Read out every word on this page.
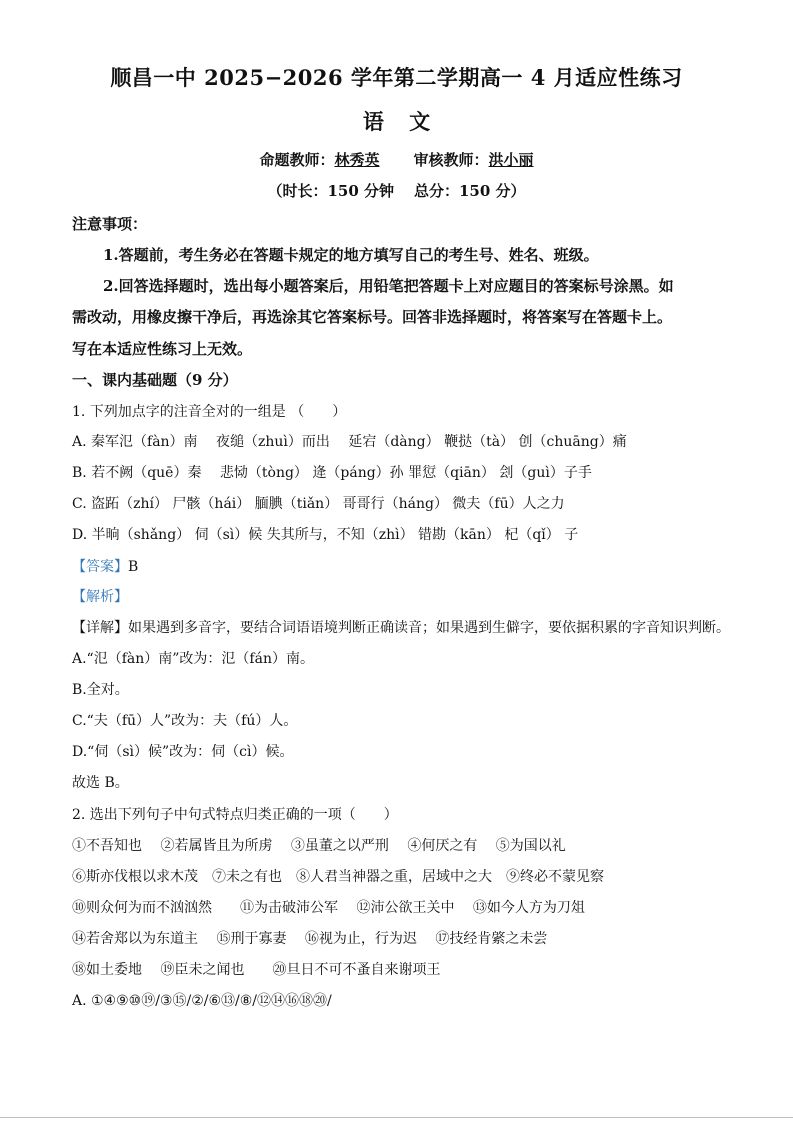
顺昌一中 2025−2026 学年第二学期高一 4 月适应性练习
语 文
命题教师：林秀英 审核教师：洪小丽
（时长：150 分钟 总分：150 分）
注意事项：
1.答题前，考生务必在答题卡规定的地方填写自己的考生号、姓名、班级。
2.回答选择题时，选出每小题答案后，用铅笔把答题卡上对应题目的答案标号涂黑。如
需改动，用橡皮擦干净后，再选涂其它答案标号。回答非选择题时，将答案写在答题卡上。
写在本适应性练习上无效。
一、课内基础题（9 分）
1. 下列加点字的注音全对的一组是 （　　）
A. 秦军氾（fàn）南　 夜缒（zhuì）而出　 延宕（dàng） 鞭挞（tà） 创（chuāng）痛
B. 若不阙（quē）秦　 悲恸（tòng） 逄（páng）孙 罪愆（qiān） 刽（guì）子手
C. 盗跖（zhí） 尸骸（hái） 腼腆（tiǎn） 哥哥行（háng） 微夫（fū）人之力
D. 半晌（shǎng） 伺（sì）候 失其所与，不知（zhì） 错勘（kān） 杞（qǐ） 子
【答案】B
【解析】
【详解】如果遇到多音字，要结合词语语境判断正确读音；如果遇到生僻字，要依据积累的字音知识判断。
A.“氾（fàn）南”改为：氾（fán）南。
B.全对。
C.“夫（fū）人”改为：夫（fú）人。
D.“伺（sì）候”改为：伺（cì）候。
故选 B。
2. 选出下列句子中句式特点归类正确的一项（　　）
①不吾知也　 ②若属皆且为所虏　 ③虽董之以严刑　 ④何厌之有　 ⑤为国以礼
⑥斯亦伐根以求木茂　⑦未之有也　⑧人君当神器之重，居域中之大　⑨终必不蒙见察
⑩则众何为而不汹汹然　　⑪为击破沛公军　 ⑫沛公欲王关中　 ⑬如今人方为刀俎
⑭若舍郑以为东道主　 ⑮刑于寡妻　 ⑯视为止，行为迟　 ⑰技经肯綮之未尝
⑱如土委地　 ⑲臣未之闻也　　⑳旦日不可不蚤自来谢项王
A. ①④⑨⑩⑲/③⑮/②/⑥⑬/⑧/⑫⑭⑯⑱⑳/
